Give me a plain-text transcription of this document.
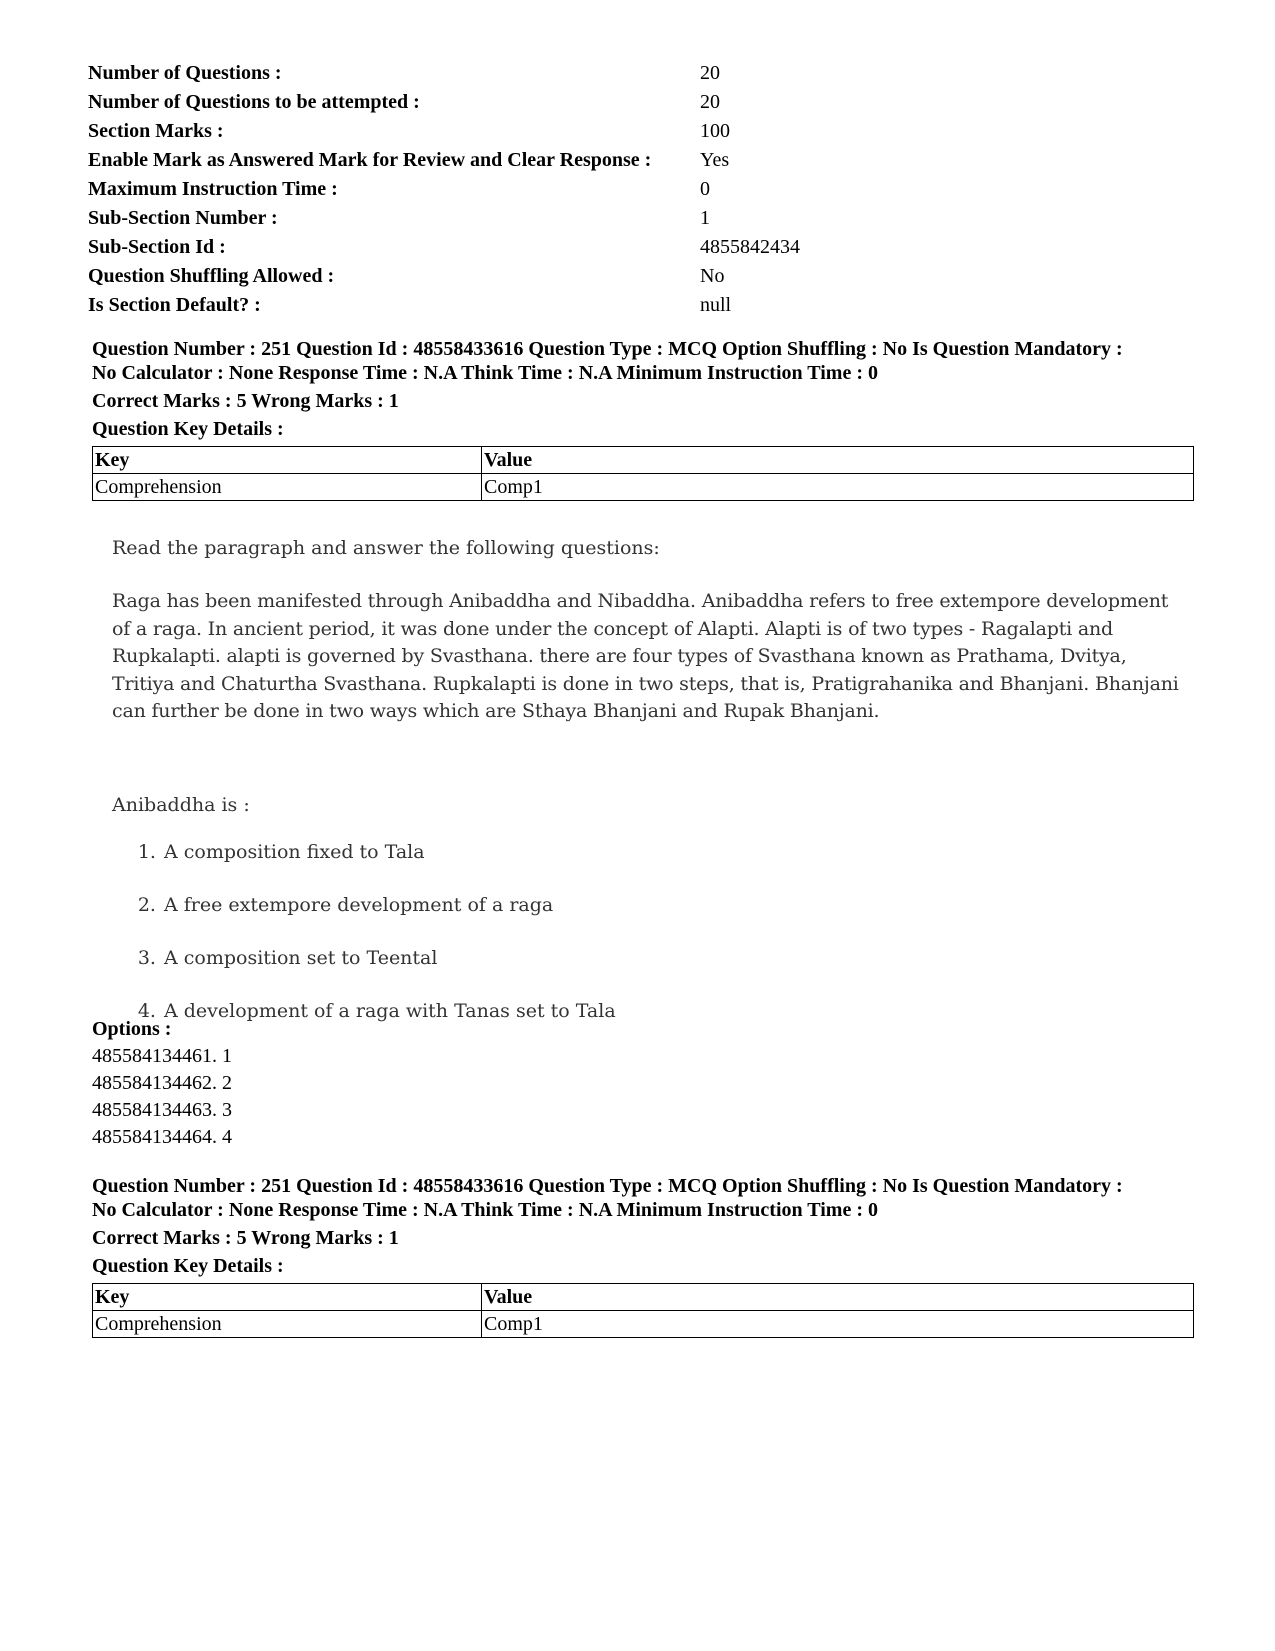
Number of Questions :	20
Number of Questions to be attempted :	20
Section Marks :	100
Enable Mark as Answered Mark for Review and Clear Response :	Yes
Maximum Instruction Time :	0
Sub-Section Number :	1
Sub-Section Id :	4855842434
Question Shuffling Allowed :	No
Is Section Default? :	null
Question Number : 251 Question Id : 48558433616 Question Type : MCQ Option Shuffling : No Is Question Mandatory :
No Calculator : None Response Time : N.A Think Time : N.A Minimum Instruction Time : 0
Correct Marks : 5 Wrong Marks : 1
Question Key Details :
Key	Value
Comprehension	Comp1

Read the paragraph and answer the following questions:

Raga has been manifested through Anibaddha and Nibaddha. Anibaddha refers to free extempore development of a raga. In ancient period, it was done under the concept of Alapti. Alapti is of two types - Ragalapti and Rupkalapti. alapti is governed by Svasthana. there are four types of Svasthana known as Prathama, Dvitya, Tritiya and Chaturtha Svasthana. Rupkalapti is done in two steps, that is, Pratigrahanika and Bhanjani. Bhanjani can further be done in two ways which are Sthaya Bhanjani and Rupak Bhanjani.

Anibaddha is :

1. A composition fixed to Tala
2. A free extempore development of a raga
3. A composition set to Teental
4. A development of a raga with Tanas set to Tala
Options :
485584134461. 1
485584134462. 2
485584134463. 3
485584134464. 4
Question Number : 251 Question Id : 48558433616 Question Type : MCQ Option Shuffling : No Is Question Mandatory :
No Calculator : None Response Time : N.A Think Time : N.A Minimum Instruction Time : 0
Correct Marks : 5 Wrong Marks : 1
Question Key Details :
Key	Value
Comprehension	Comp1
